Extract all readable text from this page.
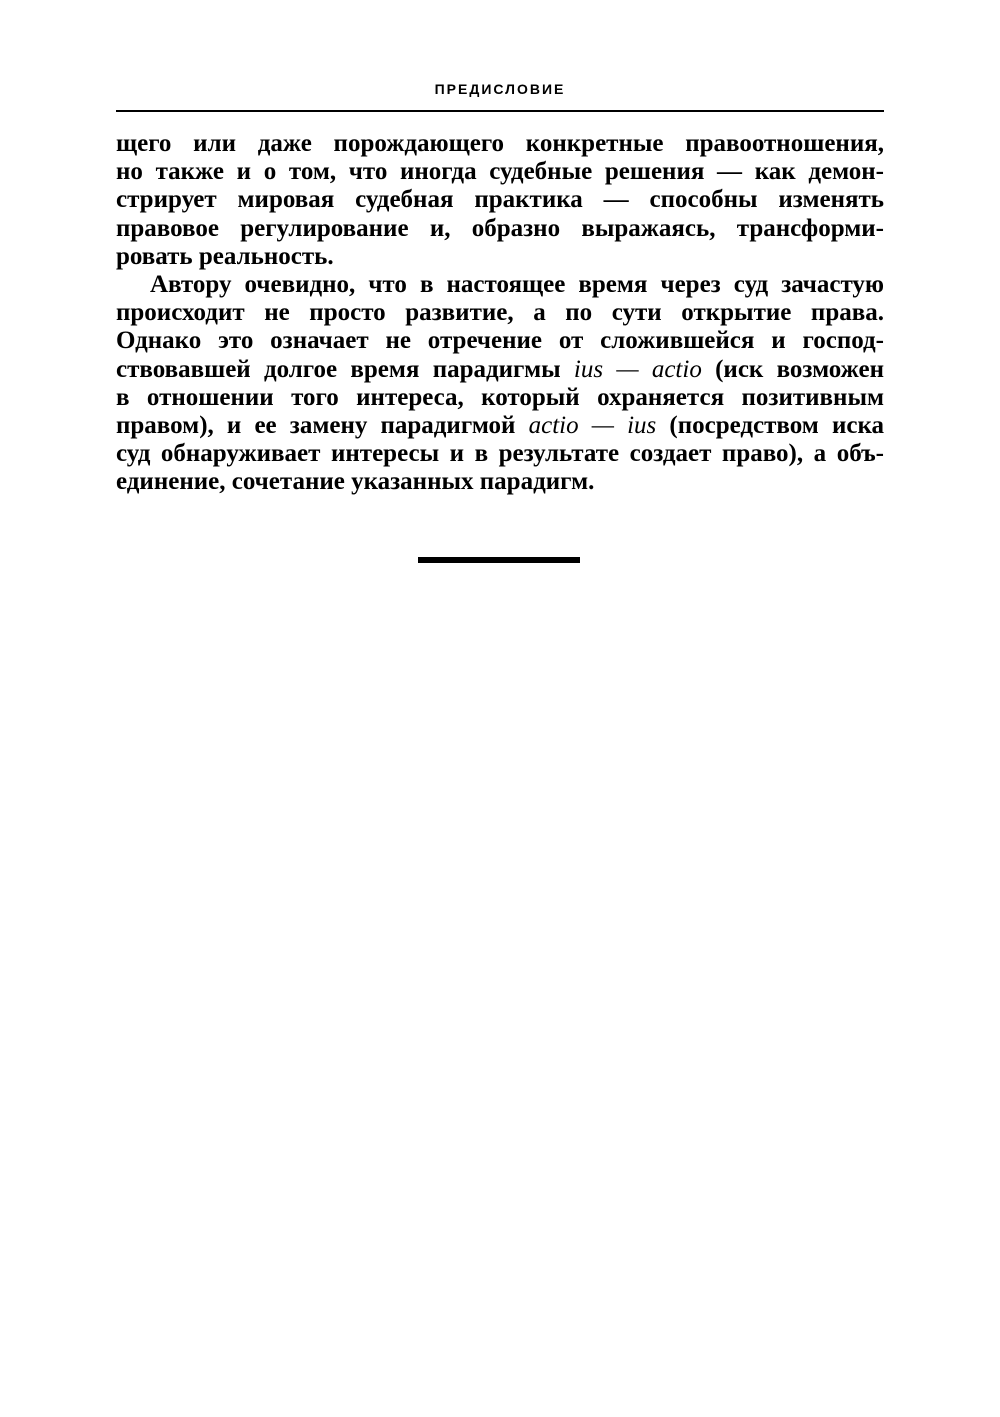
ПРЕДИСЛОВИЕ
щего или даже порождающего конкретные правоотношения,
но также и о том, что иногда судебные решения — как демон-
стрирует мировая судебная практика — способны изменять
правовое регулирование и, образно выражаясь, трансформи-
ровать реальность.
Автору очевидно, что в настоящее время через суд зачастую
происходит не просто развитие, а по сути открытие права.
Однако это означает не отречение от сложившейся и господ-
ствовавшей долгое время парадигмы ius — actio (иск возможен
в отношении того интереса, который охраняется позитивным
правом), и ее замену парадигмой actio — ius (посредством иска
суд обнаруживает интересы и в результате создает право), а объ-
единение, сочетание указанных парадигм.
